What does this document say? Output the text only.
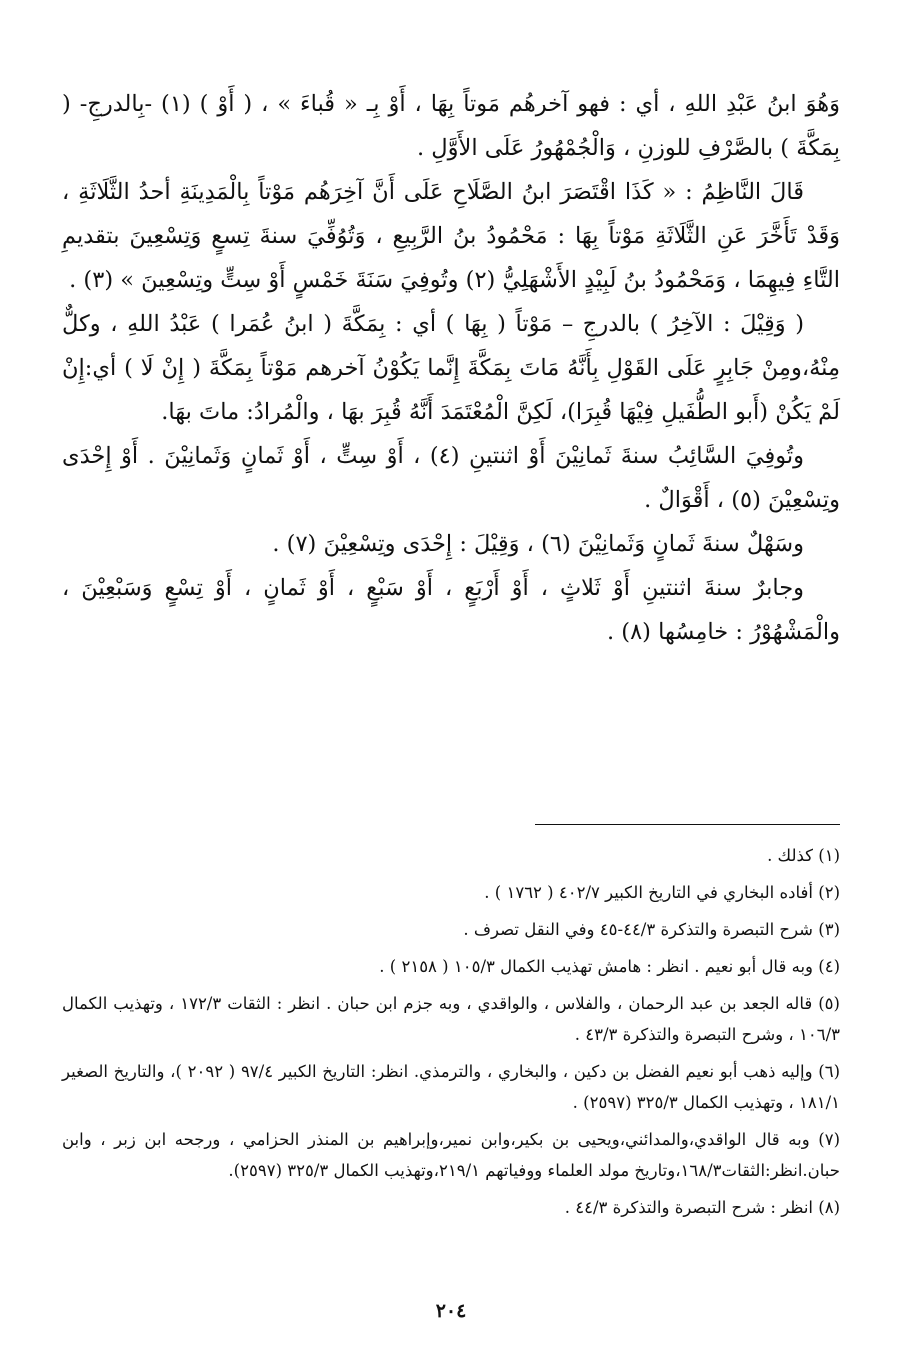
وَهُوَ ابنُ عَبْدِ اللهِ ، أي : فهو آخرهُم مَوتاً بِهَا ، أَوْ بِـ « قُباءَ » ، ( أَوْ ) (١) -بِالدرجِ- ( بِمَكَّةَ ) بالصَّرْفِ للوزنِ ، وَالْجُمْهُورُ عَلَى الأَوَّلِ .

قَالَ النَّاظِمُ : « كَذَا اقْتَصَرَ ابنُ الصَّلَاحِ عَلَى أَنَّ آخِرَهُم مَوْتاً بِالْمَدِينَةِ أحدُ الثَّلَاثَةِ ، وَقَدْ تَأَخَّرَ عَنِ الثَّلَاثَةِ مَوْتاً بِهَا : مَحْمُودُ بنُ الرَّبِيعِ ، وَتُوُفِّيَ سنةَ تِسعٍ وَتِسْعِينَ بتقديمِ التَّاءِ فِيهِمَا ، وَمَحْمُودُ بنُ لَبِيْدٍ الأَشْهَلِيُّ (٢) وتُوفِيَ سَنَةَ خَمْسٍ أَوْ سِتٍّ وتِسْعِينَ » (٣) .

( وَقِيْلَ : الآخِرُ ) بالدرجِ – مَوْتاً ( بِهَا ) أي : بِمَكَّةَ ( ابنُ عُمَرا ) عَبْدُ اللهِ ، وكلٌّ مِنْهُ،ومِنْ جَابِرٍ عَلَى القَوْلِ بِأَنَّهُ مَاتَ بِمَكَّةَ إِنَّما يَكُوْنُ آخرهم مَوْتاً بِمَكَّةَ ( إِنْ لَا ) أي:إِنْ لَمْ يَكُنْ (أَبو الطُّفَيلِ فِيْهَا قُبِرَا)، لَكِنَّ الْمُعْتَمَدَ أَنَّهُ قُبِرَ بهَا ، والْمُرادُ: ماتَ بهَا.

وتُوفِيَ السَّائِبُ سنةَ ثَمانِيْنَ أَوْ اثنتينِ (٤) ، أَوْ سِتٍّ ، أَوْ ثَمانٍ وَثَمانِيْنَ . أَوْ إِحْدَى وتِسْعِيْنَ (٥) ، أَقْوَالٌ .

وسَهْلٌ سنةَ ثَمانٍ وَثَمانِيْنَ (٦) ، وَقِيْلَ : إِحْدَى وتِسْعِيْنَ (٧) .

وجابرٌ سنةَ اثنتينِ أَوْ ثَلاثٍ ، أَوْ أَرْبَعٍ ، أَوْ سَبْعٍ ، أَوْ ثَمانٍ ، أَوْ تِسْعٍ وَسَبْعِيْنَ ، والْمَشْهُوْرُ : خامِسُها (٨) .

(١) كذلك .

(٢) أفاده البخاري في التاريخ الكبير ٤٠٢/٧ ( ١٧٦٢ ) .

(٣) شرح التبصرة والتذكرة ٤٤/٣-٤٥ وفي النقل تصرف .

(٤) وبه قال أبو نعيم . انظر : هامش تهذيب الكمال ١٠٥/٣ ( ٢١٥٨ ) .

(٥) قاله الجعد بن عبد الرحمان ، والفلاس ، والواقدي ، وبه جزم ابن حبان . انظر : الثقات ١٧٢/٣ ، وتهذيب الكمال ١٠٦/٣ ، وشرح التبصرة والتذكرة ٤٣/٣ .

(٦) وإليه ذهب أبو نعيم الفضل بن دكين ، والبخاري ، والترمذي. انظر: التاريخ الكبير ٩٧/٤ ( ٢٠٩٢ )، والتاريخ الصغير ١٨١/١ ، وتهذيب الكمال ٣٢٥/٣ (٢٥٩٧) .

(٧) وبه قال الواقدي،والمدائني،ويحيى بن بكير،وابن نمير،وإبراهيم بن المنذر الحزامي ، ورجحه ابن زبر ، وابن حبان.انظر:الثقات١٦٨/٣،وتاريخ مولد العلماء ووفياتهم ٢١٩/١،وتهذيب الكمال ٣٢٥/٣ (٢٥٩٧).

(٨) انظر : شرح التبصرة والتذكرة ٤٤/٣ .

٢٠٤
